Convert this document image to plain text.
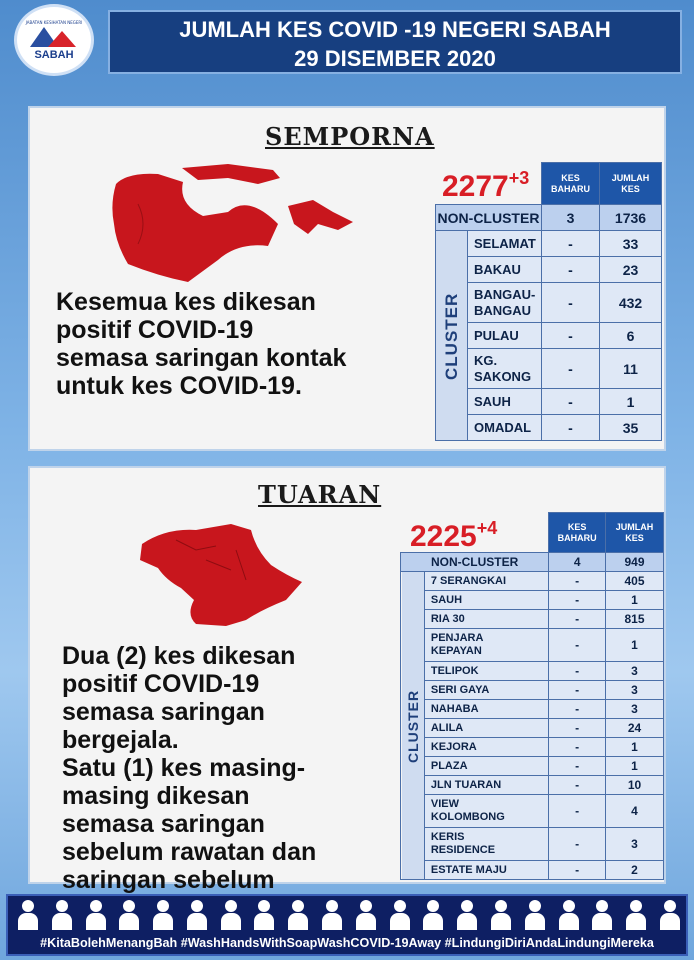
JABATAN KESIHATAN NEGERI
SABAH
JUMLAH KES COVID -19 NEGERI SABAH
29 DISEMBER 2020
SEMPORNA
Kesemua kes dikesan
positif COVID-19
semasa saringan kontak
untuk kes COVID-19.
$2277^{+3}$
		KES
BAHARU	JUMLAH
KES
NON-CLUSTER		3	1736
CLUSTER	SELAMAT	-	33
	BAKAU	-	23
	BANGAU-
BANGAU	-	432
	PULAU	-	6
	KG.
SAKONG	-	11
	SAUH	-	1
	OMADAL	-	35
TUARAN
Dua (2) kes dikesan
positif COVID-19
semasa saringan
bergejala.
Satu (1) kes masing-
masing dikesan
semasa saringan
sebelum rawatan dan
saringan sebelum

$2225^{+4}$
		KES
BAHARU	JUMLAH
KES
NON-CLUSTER		4	949
CLUSTER	7 SERANGKAI	-	405
	SAUH	-	1
	RIA 30	-	815
	PENJARA
KEPAYAN	-	1
	TELIPOK	-	3
	SERI GAYA	-	3
	NAHABA	-	3
	ALILA	-	24
	KEJORA	-	1
	PLAZA	-	1
	JLN TUARAN	-	10
	VIEW
KOLOMBONG	-	4
	KERIS
RESIDENCE	-	3
	ESTATE MAJU	-	2
#KitaBolehMenangBah #WashHandsWithSoapWashCOVID-19Away #LindungiDiriAndaLindungiMereka
